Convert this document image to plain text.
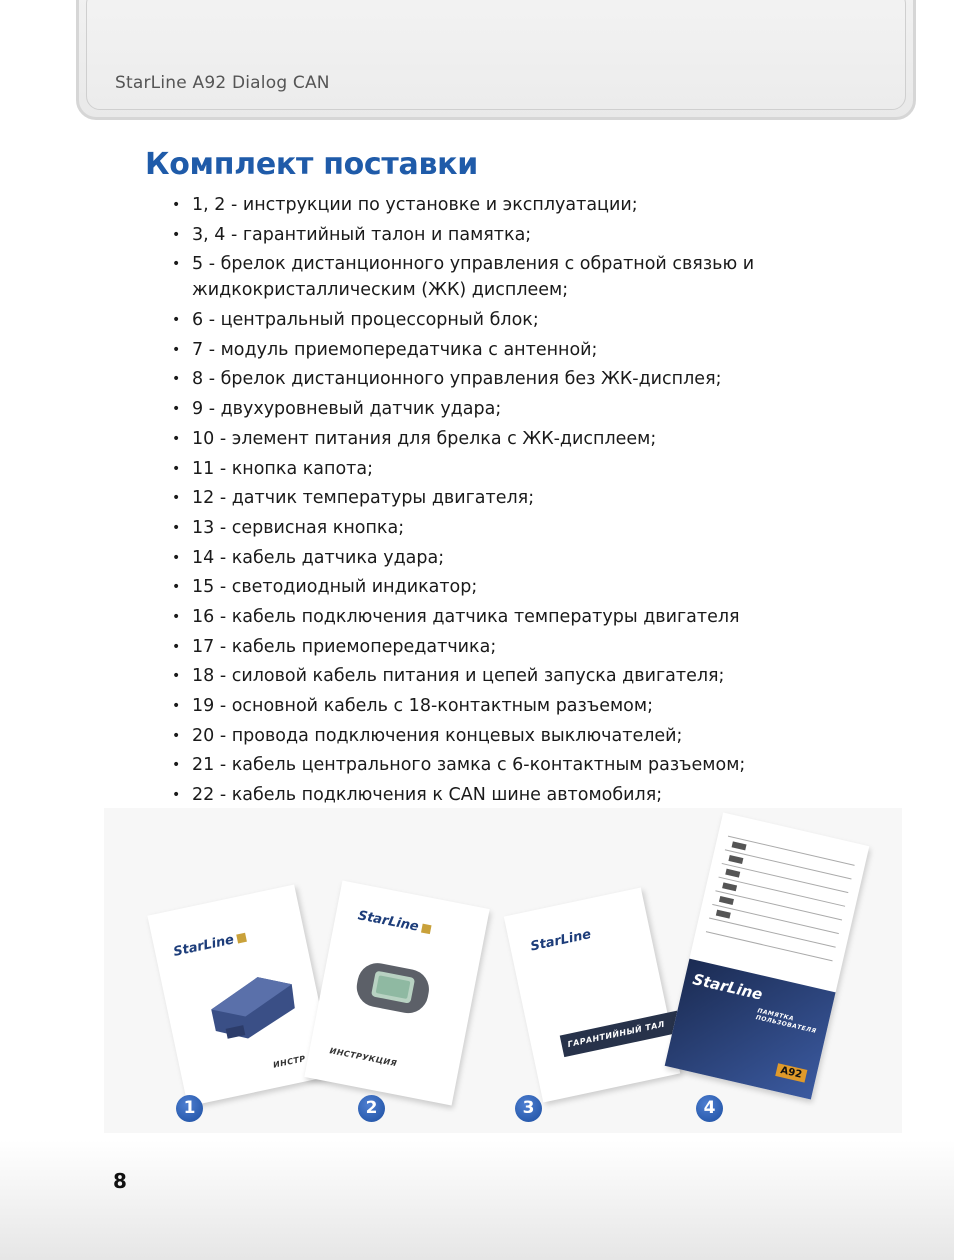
StarLine A92 Dialog CAN
Комплект поставки
• 1, 2 - инструкции по установке и эксплуатации;
• 3, 4 - гарантийный талон и памятка;
• 5 - брелок дистанционного управления с обратной связью и жидкокристаллическим (ЖК) дисплеем;
• 6 - центральный процессорный блок;
• 7 - модуль приемопередатчика с антенной;
• 8 - брелок дистанционного управления без ЖК-дисплея;
• 9 - двухуровневый датчик удара;
• 10 - элемент питания для брелка с ЖК-дисплеем;
• 11 - кнопка капота;
• 12 - датчик температуры двигателя;
• 13 - сервисная кнопка;
• 14 - кабель датчика удара;
• 15 - светодиодный индикатор;
• 16 - кабель подключения датчика температуры двигателя
• 17 - кабель приемопередатчика;
• 18 - силовой кабель питания и цепей запуска двигателя;
• 19 - основной кабель с 18-контактным разъемом;
• 20 - провода подключения концевых выключателей;
• 21 - кабель центрального замка с 6-контактным разъемом;
• 22 - кабель подключения к CAN шине автомобиля;
StarLine
ИНСТР
StarLine
ИНСТРУКЦИЯ
StarLine
ГАРАНТИЙНЫЙ ТАЛ
StarLine
ПАМЯТКА ПОЛЬЗОВАТЕЛЯ
A92
1	2	3	4
8
